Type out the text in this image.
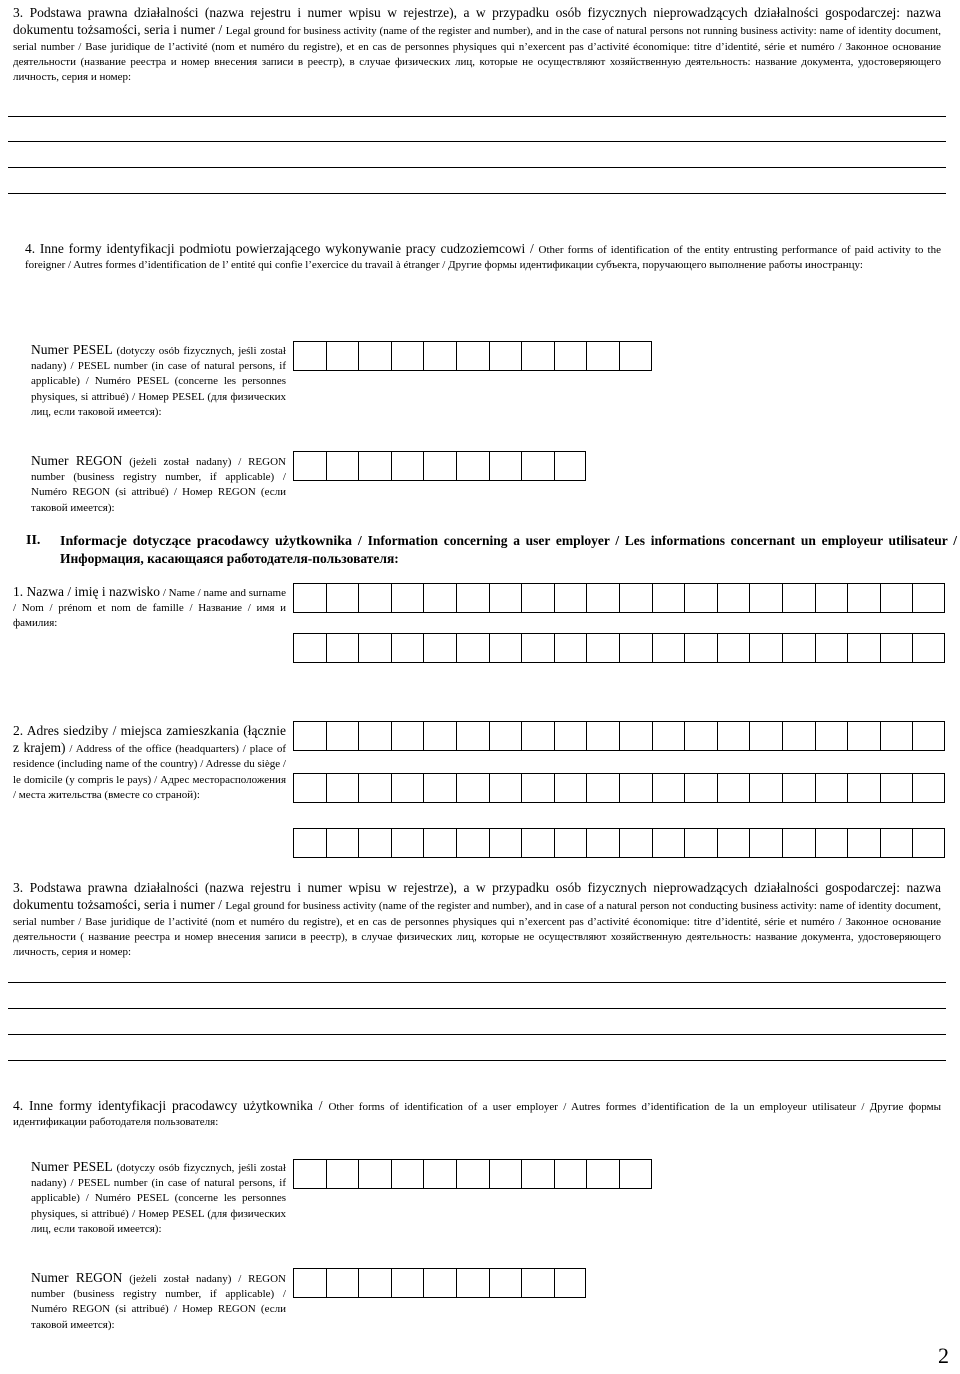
3. Podstawa prawna działalności (nazwa rejestru i numer wpisu w rejestrze), a w przypadku osób fizycznych nieprowadzących działalności gospodarczej: nazwa dokumentu tożsamości, seria i numer / Legal ground for business activity (name of the register and number), and in the case of natural persons not running business activity: name of identity document, serial number / Base juridique de l’activité (nom et numéro du registre), et en cas de personnes physiques qui n’exercent pas d’activité économique: titre d’identité, série et numéro / Законное основание деятельности (название реестра и номер внесения записи в реестр), в случае физических лиц, которые не осуществляют хозяйственную деятельность: название документа, удостоверяющего личность, серия и номер:
4. Inne formy identyfikacji podmiotu powierzającego wykonywanie pracy cudzoziemcowi / Other forms of identification of the entity entrusting performance of paid activity to the foreigner / Autres formes d’identification de l’ entité qui confie l’exercice du travail à étranger / Другие формы идентификации субъекта, поручающего выполнение работы иностранцу:
Numer PESEL (dotyczy osób fizycznych, jeśli został nadany) / PESEL number (in case of natural persons, if applicable) / Numéro PESEL (concerne les personnes physiques, si attribué) / Номер PESEL (для физических лиц, если таковой имеется):
Numer REGON (jeżeli został nadany) / REGON number (business registry number, if applicable) / Numéro REGON (si attribué) / Номер REGON (если таковой имеется):
II.	Informacje dotyczące pracodawcy użytkownika / Information concerning a user employer / Les informations concernant un employeur utilisateur / Информация, касающаяся работодателя-пользователя:
1. Nazwa / imię i nazwisko / Name / name and surname / Nom / prénom et nom de famille / Название / имя и фамилия:
2. Adres siedziby / miejsca zamieszkania (łącznie z krajem) / Address of the office (headquarters) / place of residence (including name of the country) / Adresse du siège / le domicile (y compris le pays) / Адрес месторасположения / места жительства (вместе со страной):
3. Podstawa prawna działalności (nazwa rejestru i numer wpisu w rejestrze), a w przypadku osób fizycznych nieprowadzących działalności gospodarczej: nazwa dokumentu tożsamości, seria i numer / Legal ground for business activity (name of the register and number), and in case of a natural person not conducting business activity: name of identity document, serial number / Base juridique de l’activité (nom et numéro du registre), et en cas de personnes physiques qui n’exercent pas d’activité économique: titre d’identité, série et numéro / Законное основание деятельности ( название реестра и номер внесения записи в реестр), в случае физических лиц, которые не осуществляют хозяйственную деятельность: название документа, удостоверяющего личность, серия и номер:
4. Inne formy identyfikacji pracodawcy użytkownika / Other forms of identification of a user employer / Autres formes d’identification de la un employeur utilisateur / Другие формы идентификации работодателя пользователя:
Numer PESEL (dotyczy osób fizycznych, jeśli został nadany) / PESEL number (in case of natural persons, if applicable) / Numéro PESEL (concerne les personnes physiques, si attribué) / Номер PESEL (для физических лиц, если таковой имеется):
Numer REGON (jeżeli został nadany) / REGON number (business registry number, if applicable) / Numéro REGON (si attribué) / Номер REGON (если таковой имеется):
2
